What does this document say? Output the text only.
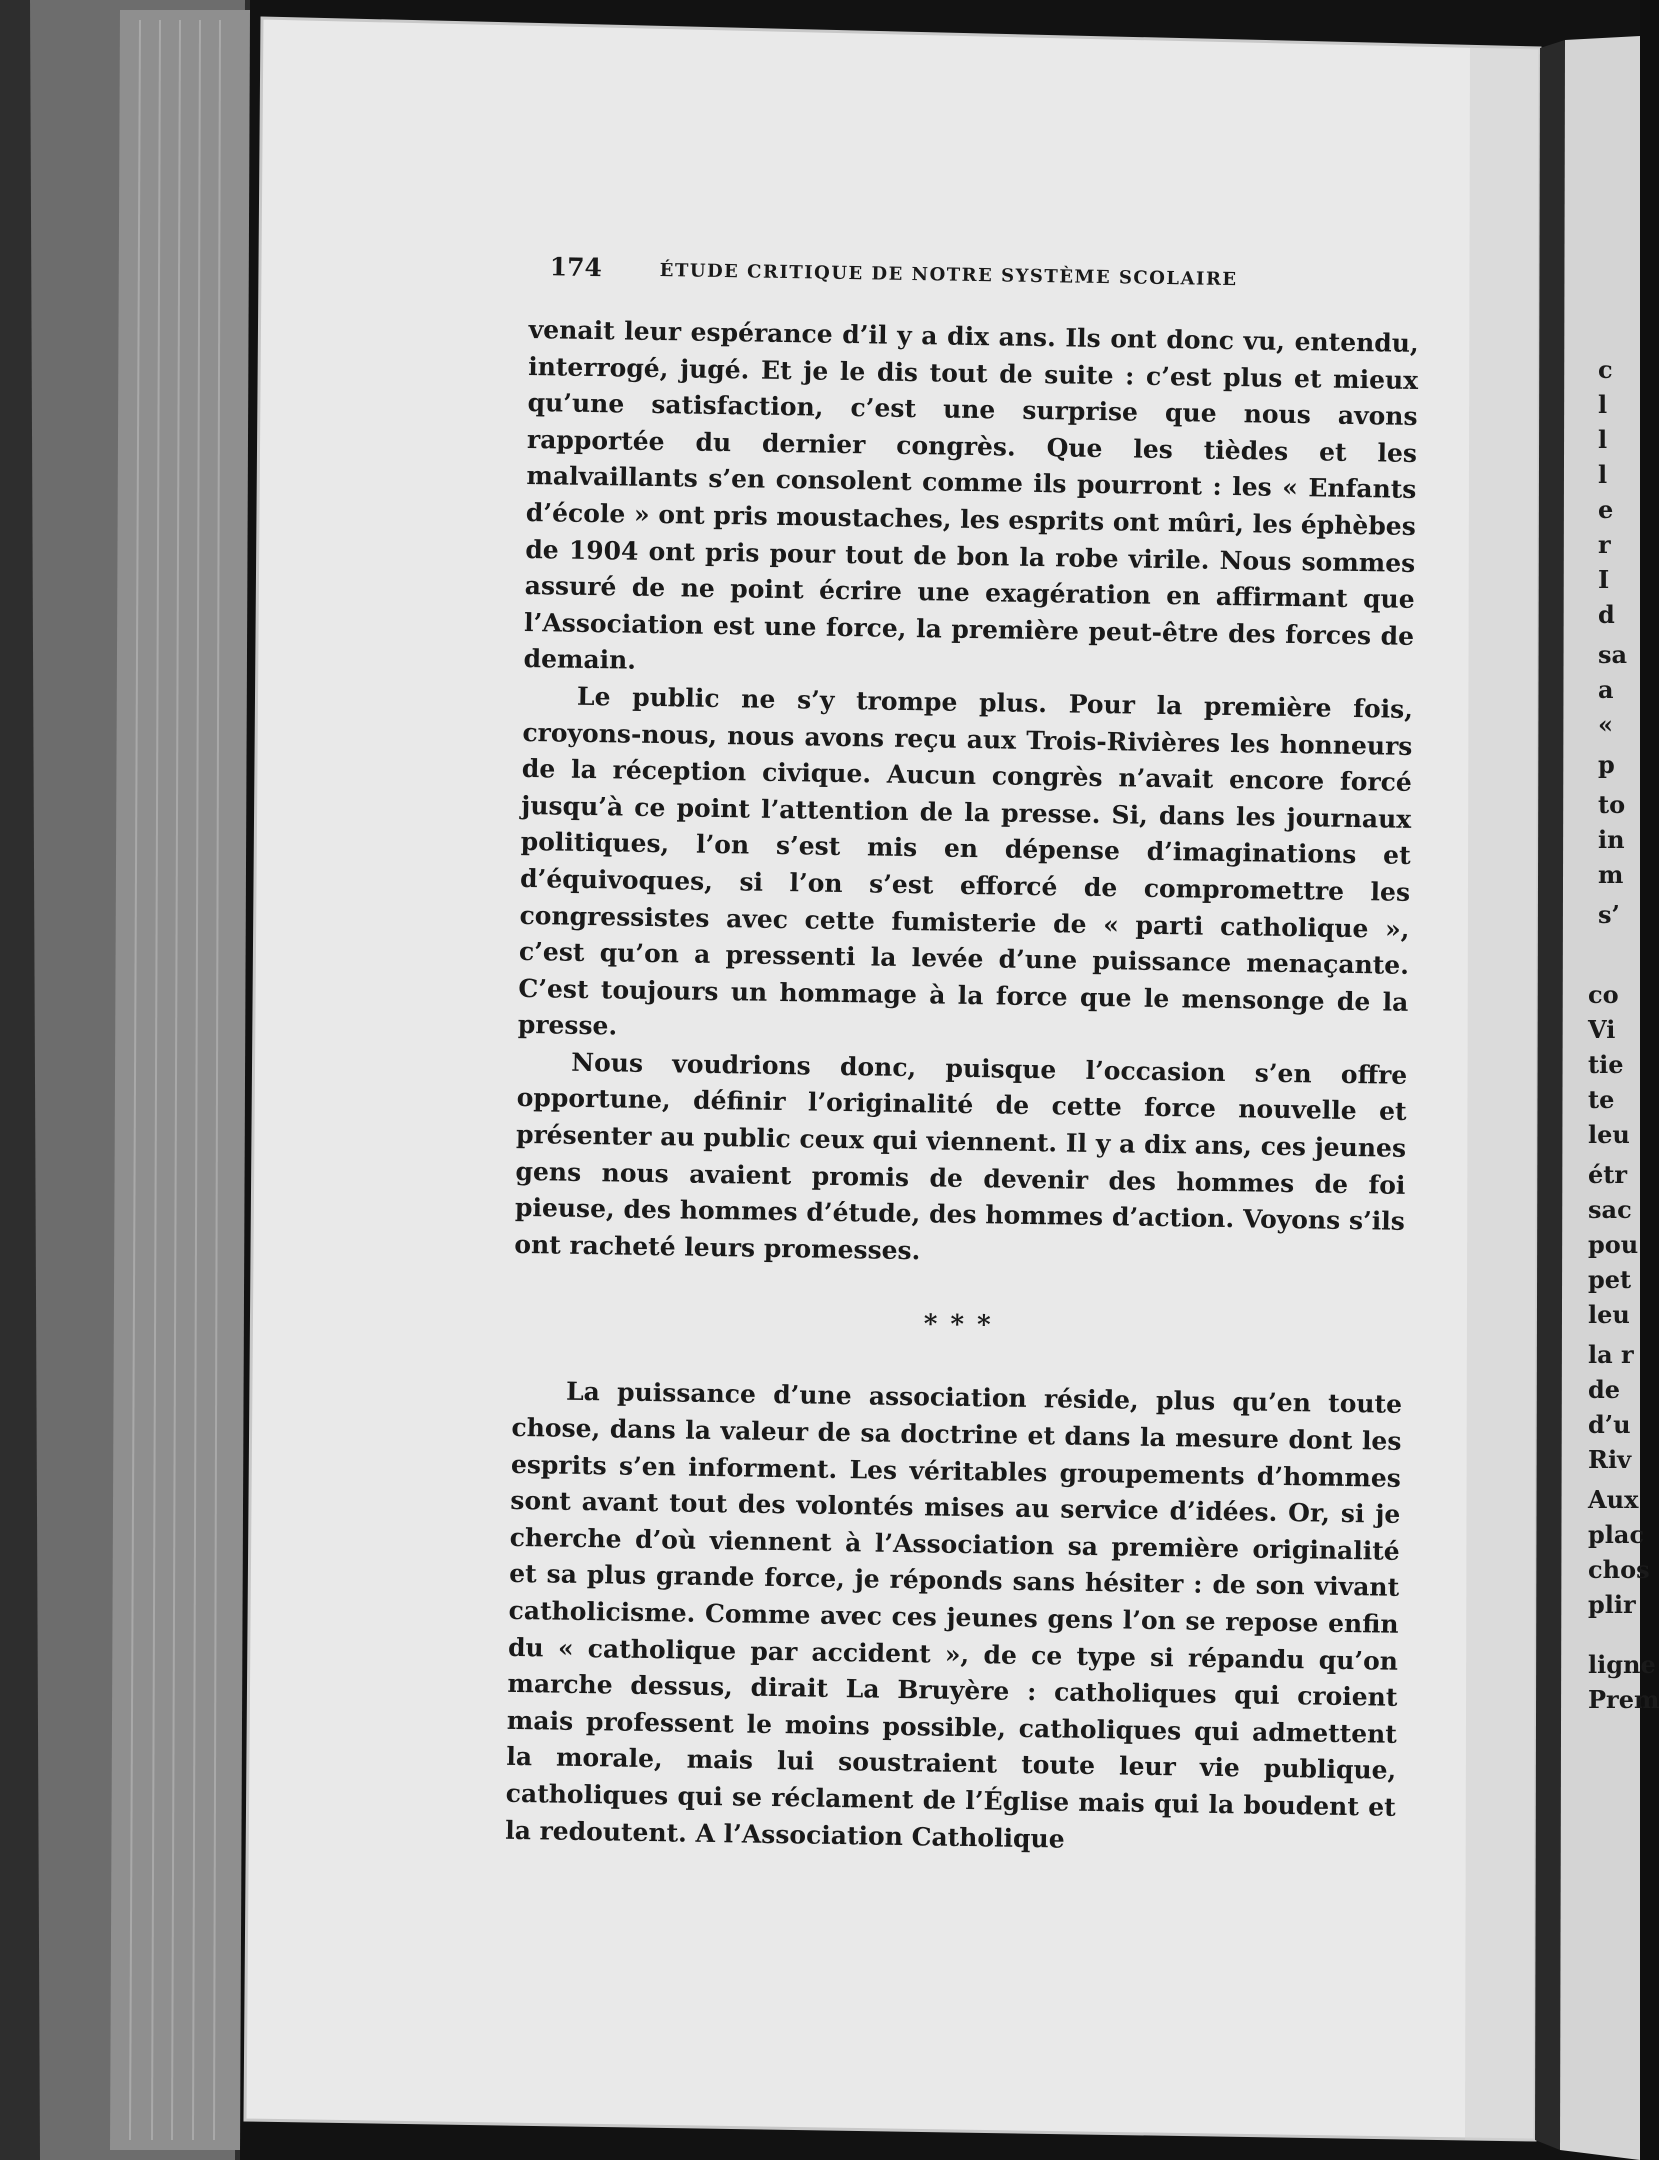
174	ÉTUDE CRITIQUE DE NOTRE SYSTÈME SCOLAIRE

venait leur espérance d’il y a dix ans. Ils ont donc vu, entendu, interrogé, jugé. Et je le dis tout de suite : c’est plus et mieux qu’une satisfaction, c’est une surprise que nous avons rapportée du dernier congrès. Que les tièdes et les malvaillants s’en consolent comme ils pourront : les « Enfants d’école » ont pris moustaches, les esprits ont mûri, les éphèbes de 1904 ont pris pour tout de bon la robe virile. Nous sommes assuré de ne point écrire une exagération en affirmant que l’Association est une force, la première peut-être des forces de demain.

Le public ne s’y trompe plus. Pour la première fois, croyons-nous, nous avons reçu aux Trois-Rivières les honneurs de la réception civique. Aucun congrès n’avait encore forcé jusqu’à ce point l’attention de la presse. Si, dans les journaux politiques, l’on s’est mis en dépense d’imaginations et d’équivoques, si l’on s’est efforcé de compromettre les congressistes avec cette fumisterie de « parti catholique », c’est qu’on a pressenti la levée d’une puissance menaçante. C’est toujours un hommage à la force que le mensonge de la presse.

Nous voudrions donc, puisque l’occasion s’en offre opportune, définir l’originalité de cette force nouvelle et présenter au public ceux qui viennent. Il y a dix ans, ces jeunes gens nous avaient promis de devenir des hommes de foi pieuse, des hommes d’étude, des hommes d’action. Voyons s’ils ont racheté leurs promesses.

* * *

La puissance d’une association réside, plus qu’en toute chose, dans la valeur de sa doctrine et dans la mesure dont les esprits s’en informent. Les véritables groupements d’hommes sont avant tout des volontés mises au service d’idées. Or, si je cherche d’où viennent à l’Association sa première originalité et sa plus grande force, je réponds sans hésiter : de son vivant catholicisme. Comme avec ces jeunes gens l’on se repose enfin du « catholique par accident », de ce type si répandu qu’on marche dessus, dirait La Bruyère : catholiques qui croient mais professent le moins possible, catholiques qui admettent la morale, mais lui soustraient toute leur vie publique, catholiques qui se réclament de l’Église mais qui la boudent et la redoutent. A l’Association Catholique

c
l
l
l
e
r
I
d
sa
a
«
p
to
in
m
s’
co
Vi
tie
te
leu
étr
sac
pou
pet
leu
la r
de
d’u
Riv
Aux
plac
chos
plir
ligne
Prem
